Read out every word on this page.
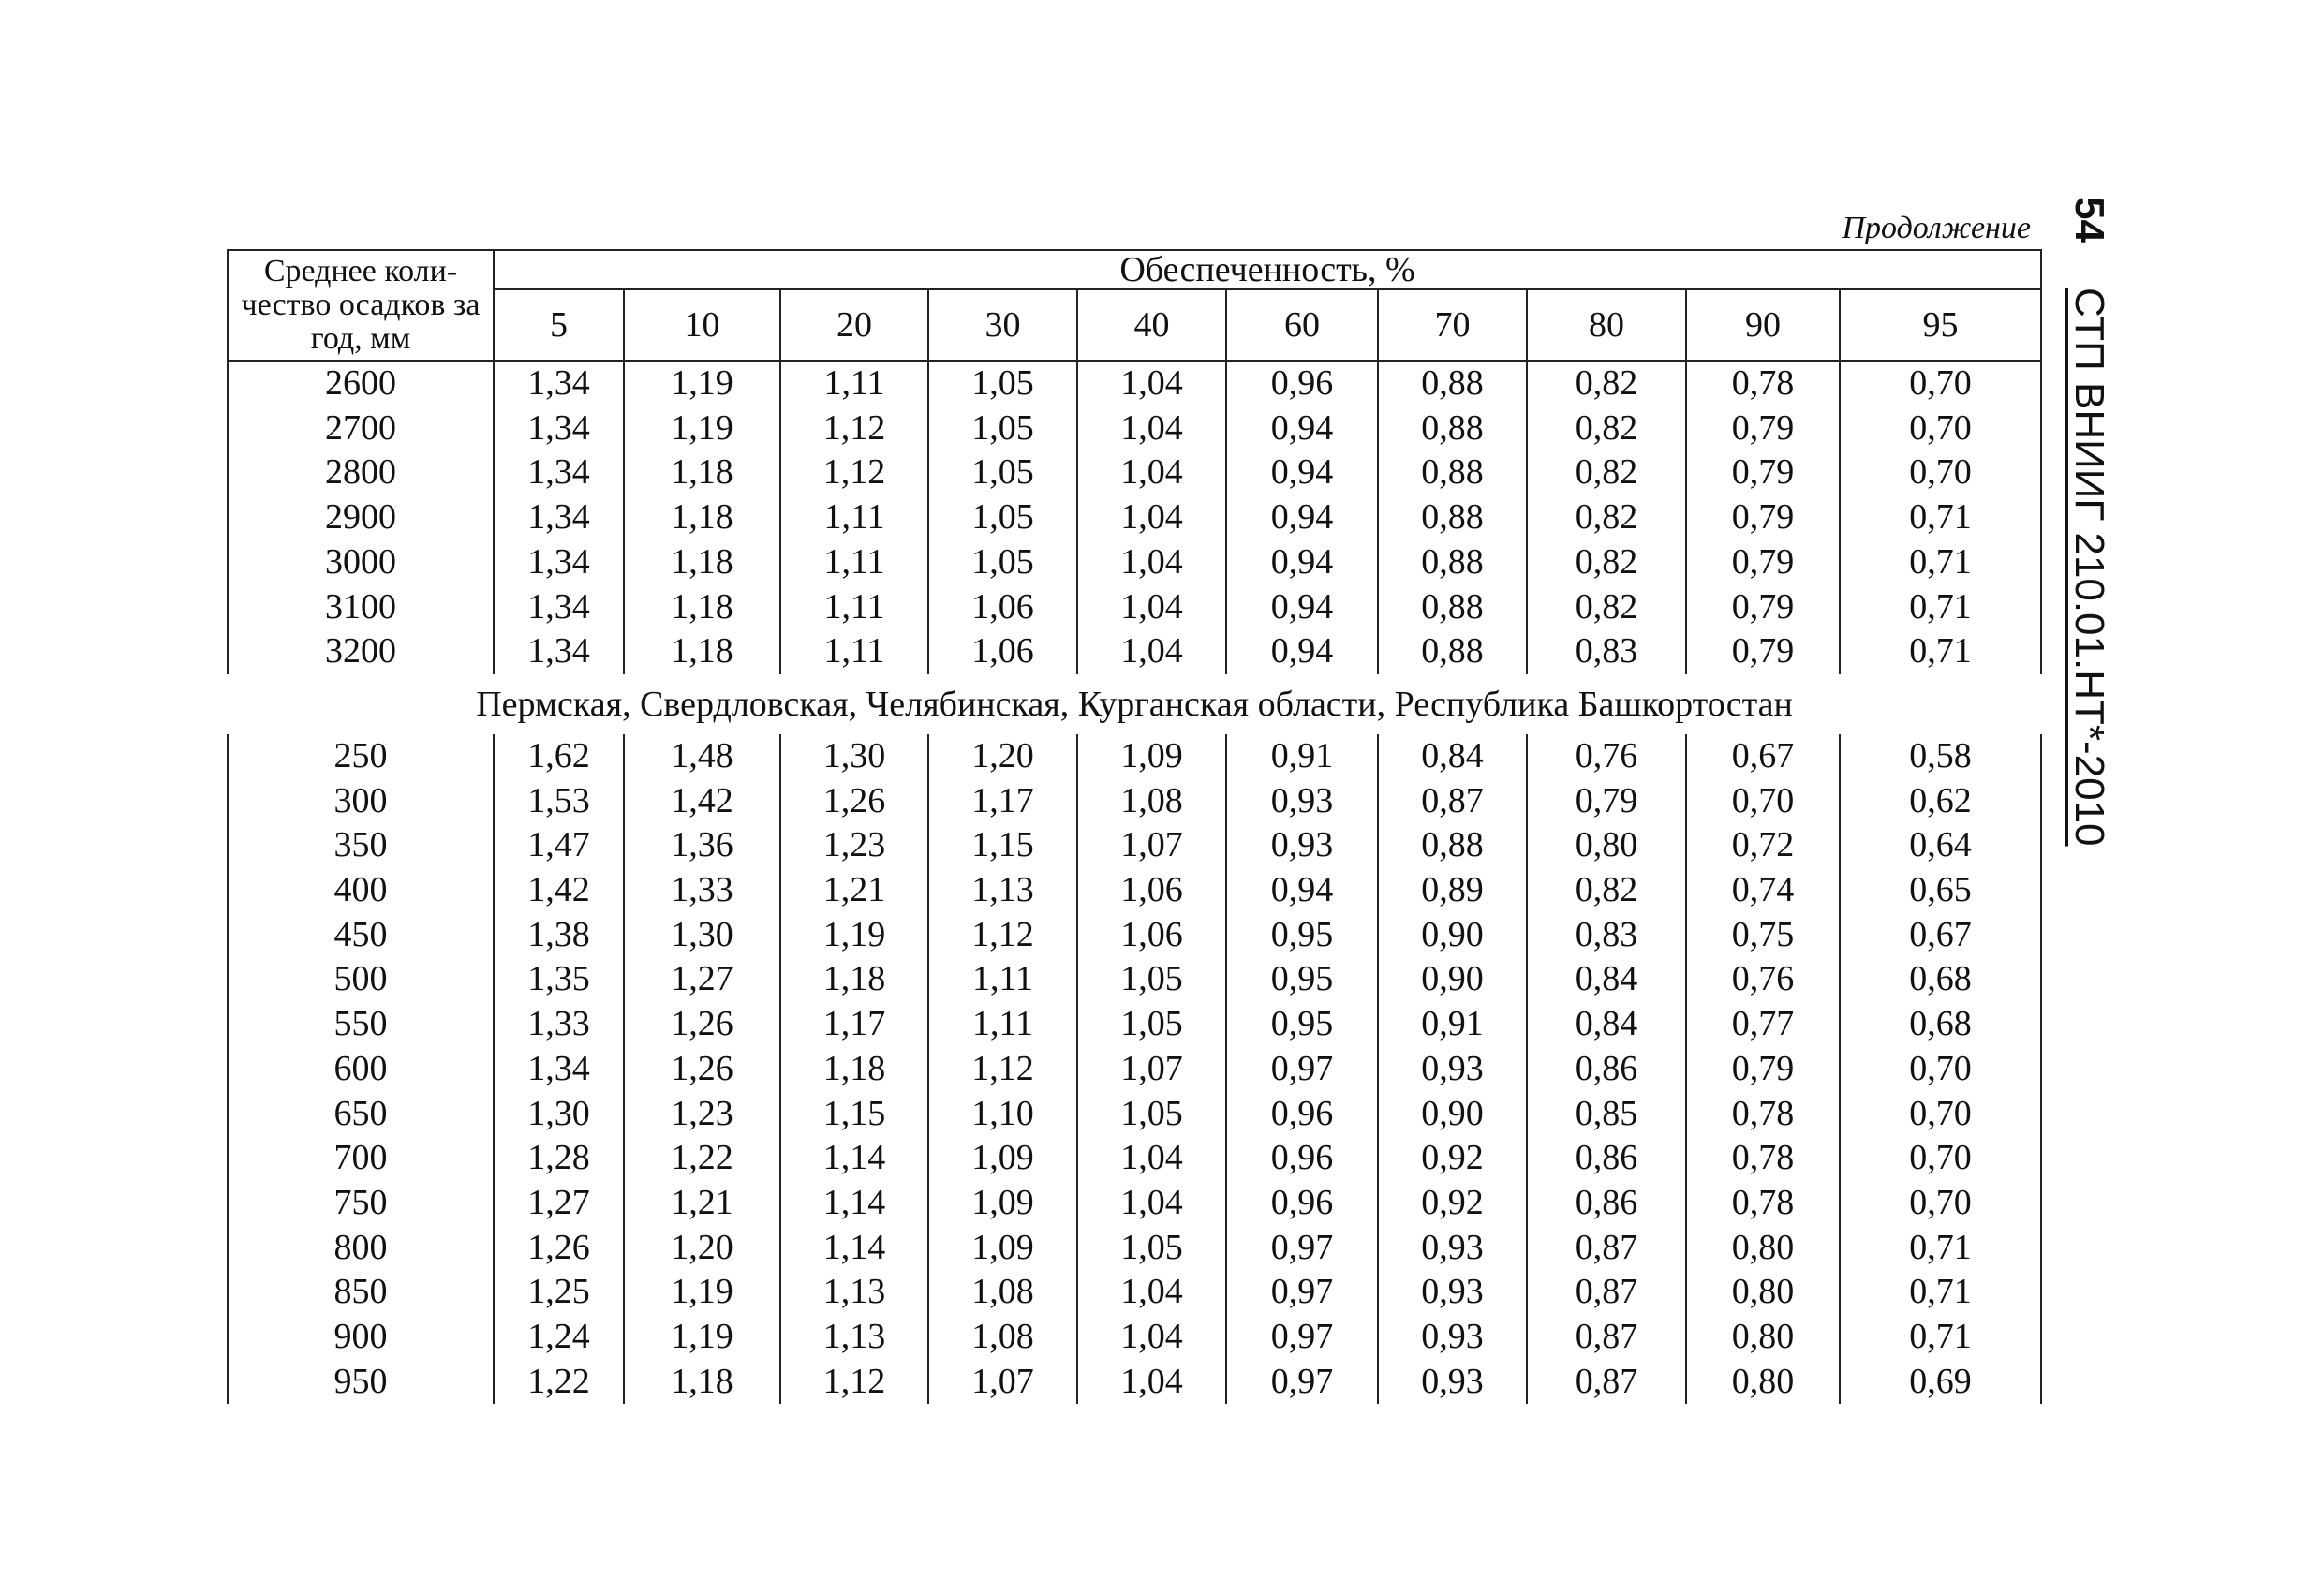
Продолжение 54СТП ВНИИГ 210.01.НТ*-2010
Среднее коли-чество осадков за год, мм	Обеспеченность, %									
	5	10	20	30	40	60	70	80	90	95
2600	1,34	1,19	1,11	1,05	1,04	0,96	0,88	0,82	0,78	0,70
2700	1,34	1,19	1,12	1,05	1,04	0,94	0,88	0,82	0,79	0,70
2800	1,34	1,18	1,12	1,05	1,04	0,94	0,88	0,82	0,79	0,70
2900	1,34	1,18	1,11	1,05	1,04	0,94	0,88	0,82	0,79	0,71
3000	1,34	1,18	1,11	1,05	1,04	0,94	0,88	0,82	0,79	0,71
3100	1,34	1,18	1,11	1,06	1,04	0,94	0,88	0,82	0,79	0,71
3200	1,34	1,18	1,11	1,06	1,04	0,94	0,88	0,83	0,79	0,71
Пермская, Свердловская, Челябинская, Курганская области, Республика Башкортостан										
250	1,62	1,48	1,30	1,20	1,09	0,91	0,84	0,76	0,67	0,58
300	1,53	1,42	1,26	1,17	1,08	0,93	0,87	0,79	0,70	0,62
350	1,47	1,36	1,23	1,15	1,07	0,93	0,88	0,80	0,72	0,64
400	1,42	1,33	1,21	1,13	1,06	0,94	0,89	0,82	0,74	0,65
450	1,38	1,30	1,19	1,12	1,06	0,95	0,90	0,83	0,75	0,67
500	1,35	1,27	1,18	1,11	1,05	0,95	0,90	0,84	0,76	0,68
550	1,33	1,26	1,17	1,11	1,05	0,95	0,91	0,84	0,77	0,68
600	1,34	1,26	1,18	1,12	1,07	0,97	0,93	0,86	0,79	0,70
650	1,30	1,23	1,15	1,10	1,05	0,96	0,90	0,85	0,78	0,70
700	1,28	1,22	1,14	1,09	1,04	0,96	0,92	0,86	0,78	0,70
750	1,27	1,21	1,14	1,09	1,04	0,96	0,92	0,86	0,78	0,70
800	1,26	1,20	1,14	1,09	1,05	0,97	0,93	0,87	0,80	0,71
850	1,25	1,19	1,13	1,08	1,04	0,97	0,93	0,87	0,80	0,71
900	1,24	1,19	1,13	1,08	1,04	0,97	0,93	0,87	0,80	0,71
950	1,22	1,18	1,12	1,07	1,04	0,97	0,93	0,87	0,80	0,69
